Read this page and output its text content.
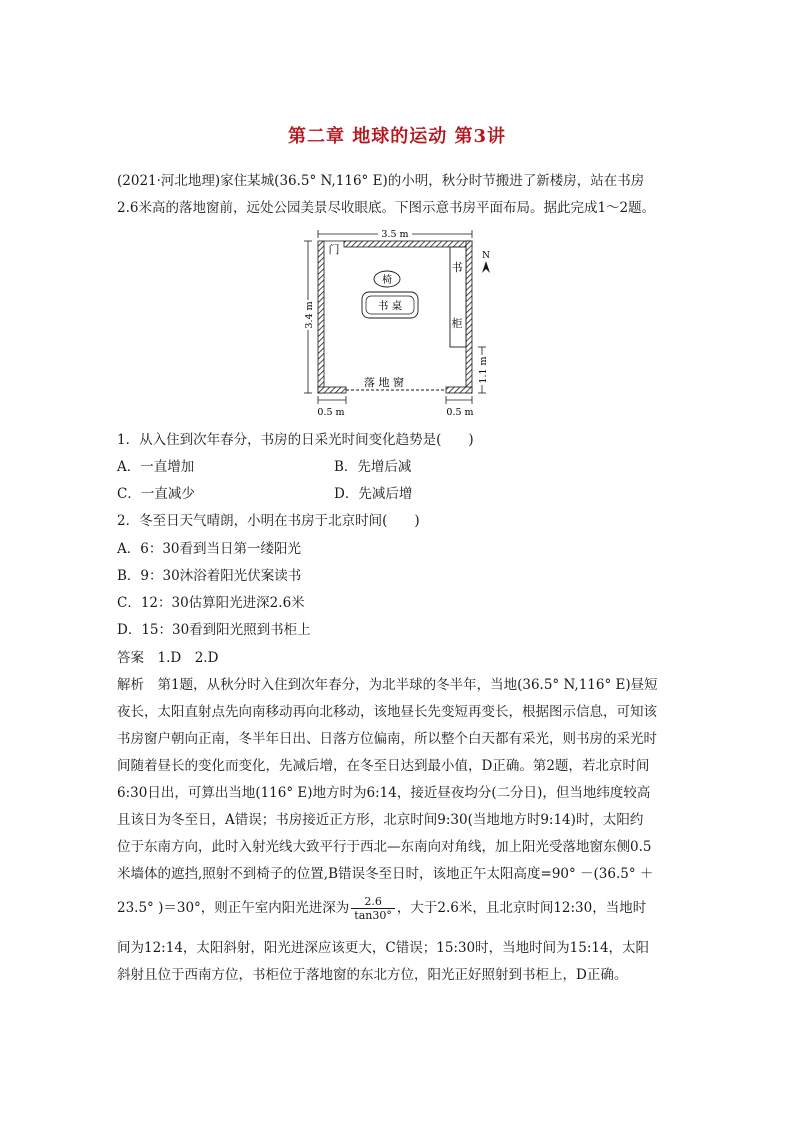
第二章 地球的运动 第3讲
(2021·河北地理)家住某城(36.5° N,116° E)的小明，秋分时节搬进了新楼房，站在书房
2.6米高的落地窗前，远处公园美景尽收眼底。下图示意书房平面布局。据此完成1～2题。
3.5 m
门
落 地 窗
椅
书 桌
书
柜
N
3.4 m
1.1 m
0.5 m	0.5 m
1．从入住到次年春分，书房的日采光时间变化趋势是(　　)
A．一直增加	B．先增后减
C．一直减少	D．先减后增
2．冬至日天气晴朗，小明在书房于北京时间(　　)
A．6：30看到当日第一缕阳光
B．9：30沐浴着阳光伏案读书
C．12：30估算阳光进深2.6米
D．15：30看到阳光照到书柜上
答案　1.D　2.D
解析　第1题，从秋分时入住到次年春分，为北半球的冬半年，当地(36.5° N,116° E)昼短
夜长，太阳直射点先向南移动再向北移动，该地昼长先变短再变长，根据图示信息，可知该
书房窗户朝向正南，冬半年日出、日落方位偏南，所以整个白天都有采光，则书房的采光时
间随着昼长的变化而变化，先减后增，在冬至日达到最小值，D正确。第2题，若北京时间
6:30日出，可算出当地(116° E)地方时为6:14，接近昼夜均分(二分日)，但当地纬度较高
且该日为冬至日，A错误；书房接近正方形，北京时间9:30(当地地方时9:14)时，太阳约
位于东南方向，此时入射光线大致平行于西北—东南向对角线，加上阳光受落地窗东侧0.5
米墙体的遮挡,照射不到椅子的位置,B错误冬至日时，该地正午太阳高度=90° －(36.5° ＋
23.5° )＝30°，则正午室内阳光进深为 $\frac{2.6}{\tan 30^\circ}$ ，大于2.6米，且北京时间12:30，当地时
间为12:14，太阳斜射，阳光进深应该更大，C错误；15:30时，当地时间为15:14，太阳
斜射且位于西南方位，书柜位于落地窗的东北方位，阳光正好照射到书柜上，D正确。
